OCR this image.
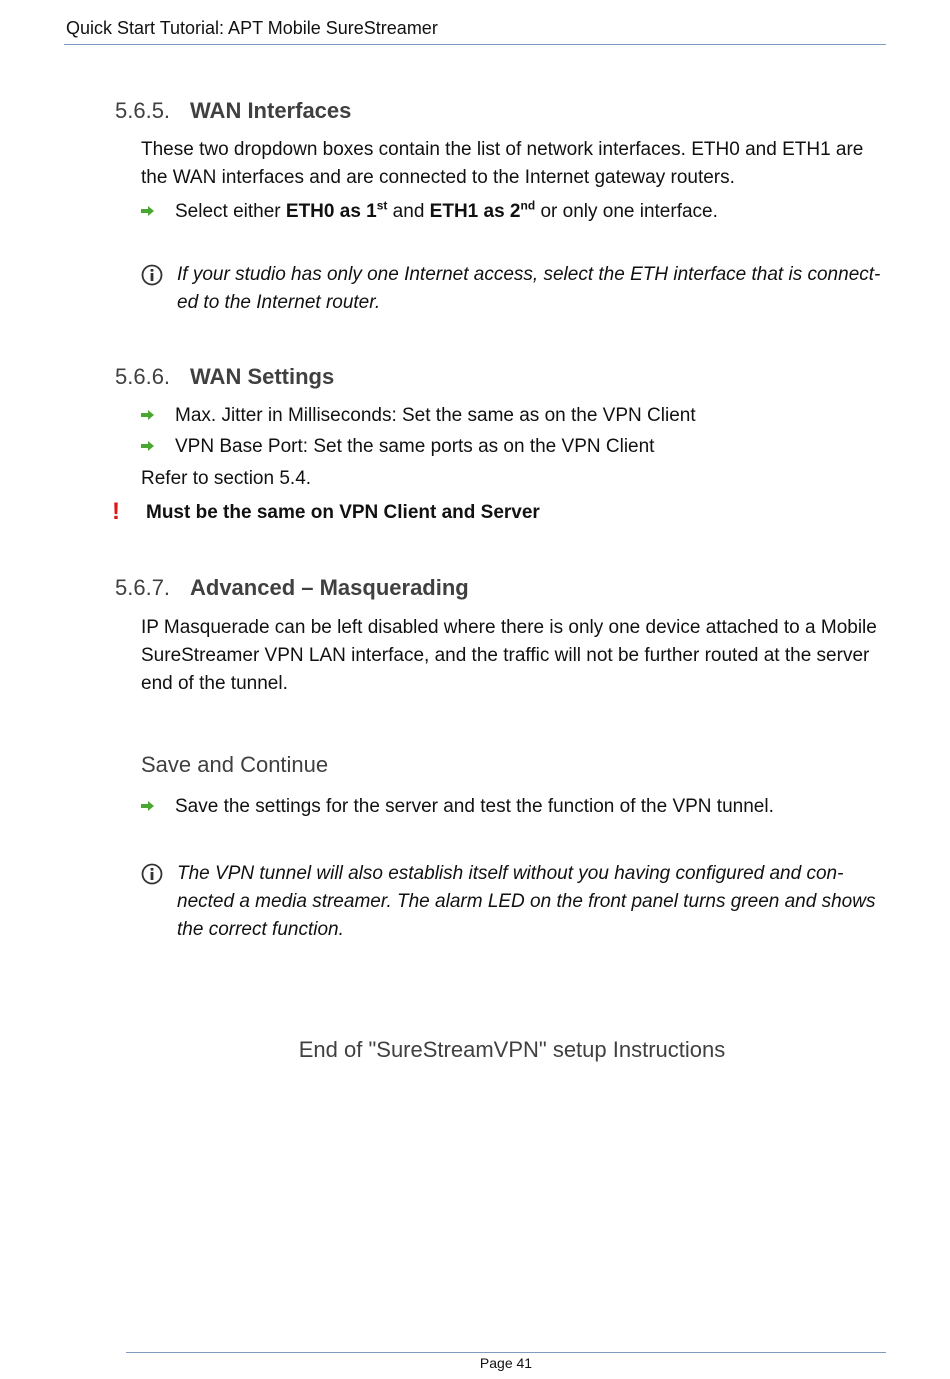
Quick Start Tutorial: APT Mobile SureStreamer
5.6.5. WAN Interfaces
These two dropdown boxes contain the list of network interfaces. ETH0 and ETH1 are the WAN interfaces and are connected to the Internet gateway routers.
Select either ETH0 as 1st and ETH1 as 2nd or only one interface.
If your studio has only one Internet access, select the ETH interface that is connect-
ed to the Internet router.
5.6.6. WAN Settings
Max. Jitter in Milliseconds: Set the same as on the VPN Client
VPN Base Port: Set the same ports as on the VPN Client
Refer to section 5.4.
! Must be the same on VPN Client and Server
5.6.7. Advanced – Masquerading
IP Masquerade can be left disabled where there is only one device attached to a Mobile
SureStreamer VPN LAN interface, and the traffic will not be further routed at the server
end of the tunnel.
Save and Continue
Save the settings for the server and test the function of the VPN tunnel.
The VPN tunnel will also establish itself without you having configured and con-
nected a media streamer. The alarm LED on the front panel turns green and shows
the correct function.
End of "SureStreamVPN" setup Instructions
Page 41
